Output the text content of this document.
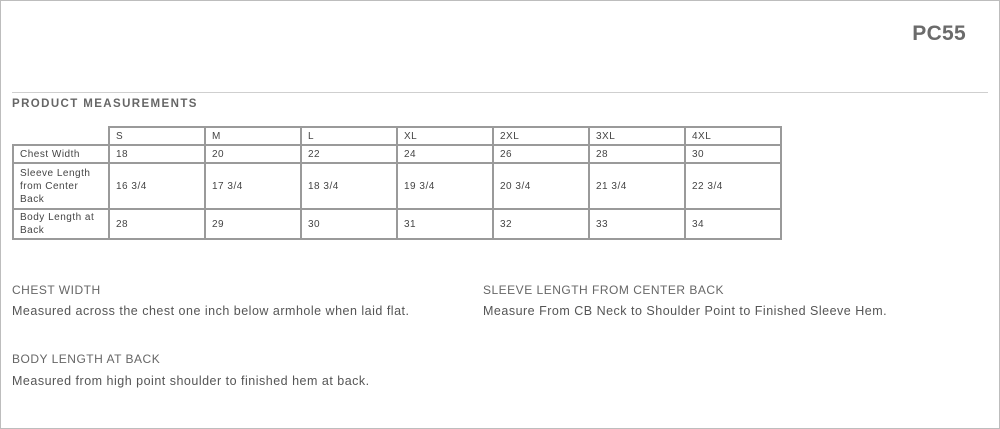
PC55
PRODUCT MEASUREMENTS
	S	M	L	XL	2XL	3XL	4XL
Chest Width	18	20	22	24	26	28	30
Sleeve Length from Center Back	16 3/4	17 3/4	18 3/4	19 3/4	20 3/4	21 3/4	22 3/4
Body Length at Back	28	29	30	31	32	33	34
CHEST WIDTH
Measured across the chest one inch below armhole when laid flat.
SLEEVE LENGTH FROM CENTER BACK
Measure From CB Neck to Shoulder Point to Finished Sleeve Hem.
BODY LENGTH AT BACK
Measured from high point shoulder to finished hem at back.
